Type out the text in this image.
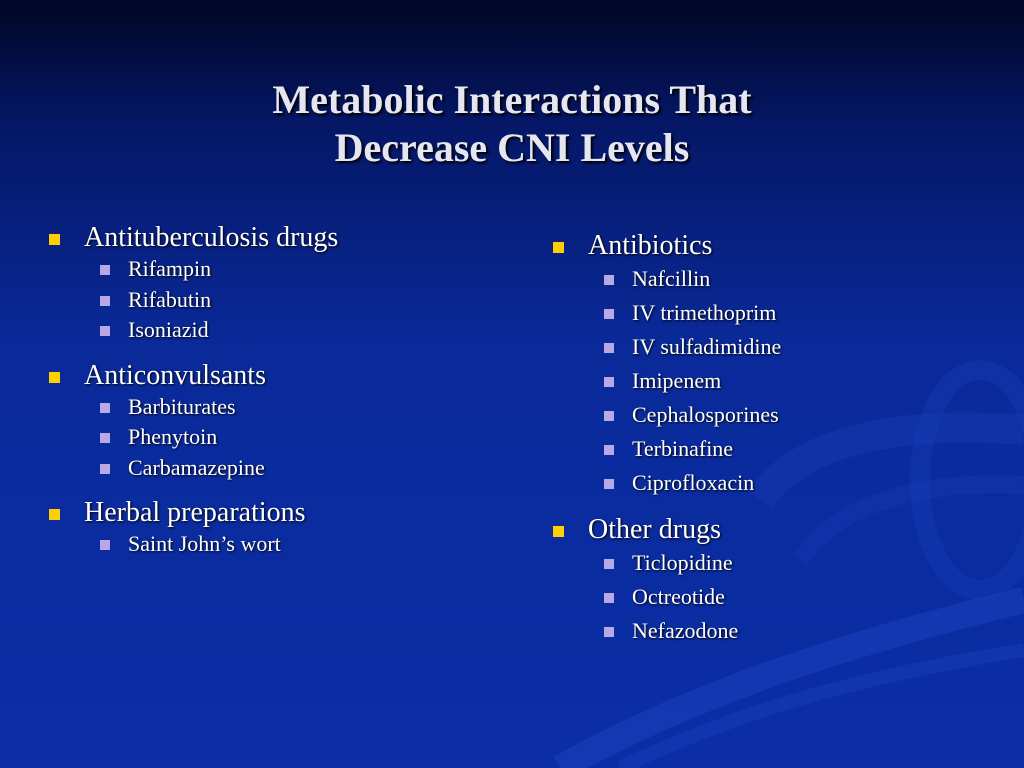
Metabolic Interactions That
Decrease CNI Levels
Antituberculosis drugs
Rifampin
Rifabutin
Isoniazid
Anticonvulsants
Barbiturates
Phenytoin
Carbamazepine
Herbal preparations
Saint John’s wort
Antibiotics
Nafcillin
IV trimethoprim
IV sulfadimidine
Imipenem
Cephalosporines
Terbinafine
Ciprofloxacin
Other drugs
Ticlopidine
Octreotide
Nefazodone
